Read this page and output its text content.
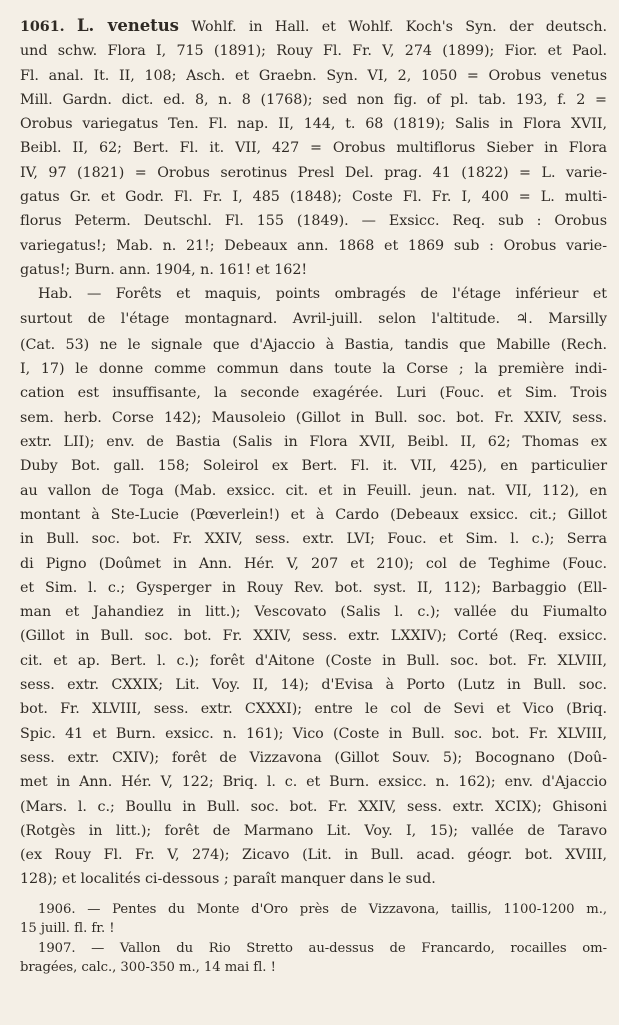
1061. L. venetus Wohlf. in Hall. et Wohlf. Koch's Syn. der deutsch.

und schw. Flora I, 715 (1891); Rouy Fl. Fr. V, 274 (1899); Fior. et Paol.

Fl. anal. It. II, 108; Asch. et Graebn. Syn. VI, 2, 1050 = Orobus venetus

Mill. Gardn. dict. ed. 8, n. 8 (1768); sed non fig. of pl. tab. 193, f. 2 =

Orobus variegatus Ten. Fl. nap. II, 144, t. 68 (1819); Salis in Flora XVII,

Beibl. II, 62; Bert. Fl. it. VII, 427 = Orobus multiflorus Sieber in Flora

IV, 97 (1821) = Orobus serotinus Presl Del. prag. 41 (1822) = L. varie-

gatus Gr. et Godr. Fl. Fr. I, 485 (1848); Coste Fl. Fr. I, 400 = L. multi-

florus Peterm. Deutschl. Fl. 155 (1849). — Exsicc. Req. sub : Orobus

variegatus!; Mab. n. 21!; Debeaux ann. 1868 et 1869 sub : Orobus varie-

gatus!; Burn. ann. 1904, n. 161! et 162!

Hab. — Forêts et maquis, points ombragés de l'étage inférieur et

surtout de l'étage montagnard. Avril-juill. selon l'altitude. ♃. Marsilly

(Cat. 53) ne le signale que d'Ajaccio à Bastia, tandis que Mabille (Rech.

I, 17) le donne comme commun dans toute la Corse ; la première indi-

cation est insuffisante, la seconde exagérée. Luri (Fouc. et Sim. Trois

sem. herb. Corse 142); Mausoleio (Gillot in Bull. soc. bot. Fr. XXIV, sess.

extr. LII); env. de Bastia (Salis in Flora XVII, Beibl. II, 62; Thomas ex

Duby Bot. gall. 158; Soleirol ex Bert. Fl. it. VII, 425), en particulier

au vallon de Toga (Mab. exsicc. cit. et in Feuill. jeun. nat. VII, 112), en

montant à Ste-Lucie (Pœverlein!) et à Cardo (Debeaux exsicc. cit.; Gillot

in Bull. soc. bot. Fr. XXIV, sess. extr. LVI; Fouc. et Sim. l. c.); Serra

di Pigno (Doûmet in Ann. Hér. V, 207 et 210); col de Teghime (Fouc.

et Sim. l. c.; Gysperger in Rouy Rev. bot. syst. II, 112); Barbaggio (Ell-

man et Jahandiez in litt.); Vescovato (Salis l. c.); vallée du Fiumalto

(Gillot in Bull. soc. bot. Fr. XXIV, sess. extr. LXXIV); Corté (Req. exsicc.

cit. et ap. Bert. l. c.); forêt d'Aitone (Coste in Bull. soc. bot. Fr. XLVIII,

sess. extr. CXXIX; Lit. Voy. II, 14); d'Evisa à Porto (Lutz in Bull. soc.

bot. Fr. XLVIII, sess. extr. CXXXI); entre le col de Sevi et Vico (Briq.

Spic. 41 et Burn. exsicc. n. 161); Vico (Coste in Bull. soc. bot. Fr. XLVIII,

sess. extr. CXIV); forêt de Vizzavona (Gillot Souv. 5); Bocognano (Doû-

met in Ann. Hér. V, 122; Briq. l. c. et Burn. exsicc. n. 162); env. d'Ajaccio

(Mars. l. c.; Boullu in Bull. soc. bot. Fr. XXIV, sess. extr. XCIX); Ghisoni

(Rotgès in litt.); forêt de Marmano Lit. Voy. I, 15); vallée de Taravo

(ex Rouy Fl. Fr. V, 274); Zicavo (Lit. in Bull. acad. géogr. bot. XVIII,

128); et localités ci-dessous ; paraît manquer dans le sud.

1906. — Pentes du Monte d'Oro près de Vizzavona, taillis, 1100-1200 m.,

15 juill. fl. fr. !

1907. — Vallon du Rio Stretto au-dessus de Francardo, rocailles om-

bragées, calc., 300-350 m., 14 mai fl. !
